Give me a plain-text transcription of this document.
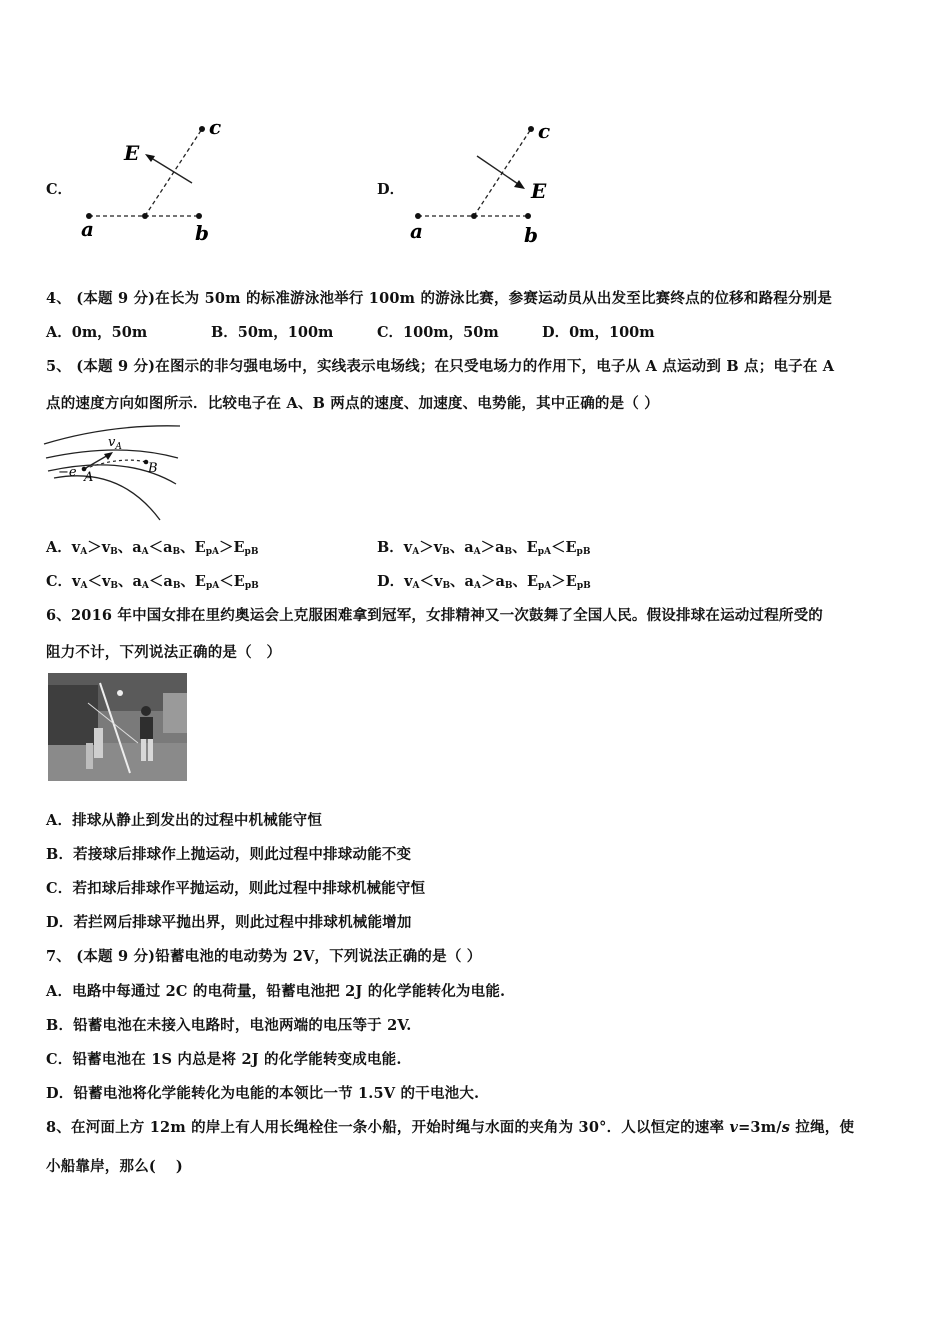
C．
a	b
c
E
D．
a	b
c
E
4、 (本题 9 分)在长为 50m 的标准游泳池举行 100m 的游泳比赛，参赛运动员从出发至比赛终点的位移和路程分别是
A．0m，50m	B．50m，100m	C．100m，50m	D．0m，100m
5、 (本题 9 分)在图示的非匀强电场中，实线表示电场线；在只受电场力的作用下，电子从 A 点运动到 B 点；电子在 A
点的速度方向如图所示．比较电子在 A、B 两点的速度、加速度、电势能，其中正确的是（ ）
−e A
B
$v_A$
A．$v_A>v_B$、$a_A<a_B$、$E_{pA}>E_{pB}$	B．$v_A>v_B$、$a_A>a_B$、$E_{pA}<E_{pB}$
C．$v_A<v_B$、$a_A<a_B$、$E_{pA}<E_{pB}$	D．$v_A<v_B$、$a_A>a_B$、$E_{pA}>E_{pB}$
6、2016 年中国女排在里约奥运会上克服困难拿到冠军，女排精神又一次鼓舞了全国人民。假设排球在运动过程所受的
阻力不计，下列说法正确的是（　）
A．排球从静止到发出的过程中机械能守恒
B．若接球后排球作上抛运动，则此过程中排球动能不变
C．若扣球后排球作平抛运动，则此过程中排球机械能守恒
D．若拦网后排球平抛出界，则此过程中排球机械能增加
7、 (本题 9 分)铅蓄电池的电动势为 2V，下列说法正确的是（ ）
A．电路中每通过 2C 的电荷量，铅蓄电池把 2J 的化学能转化为电能.
B．铅蓄电池在未接入电路时，电池两端的电压等于 2V.
C．铅蓄电池在 1S 内总是将 2J 的化学能转变成电能.
D．铅蓄电池将化学能转化为电能的本领比一节 1.5V 的干电池大.
8、在河面上方 12m 的岸上有人用长绳栓住一条小船，开始时绳与水面的夹角为 30°．人以恒定的速率 v=3m/s 拉绳，使
小船靠岸，那么(　 )
